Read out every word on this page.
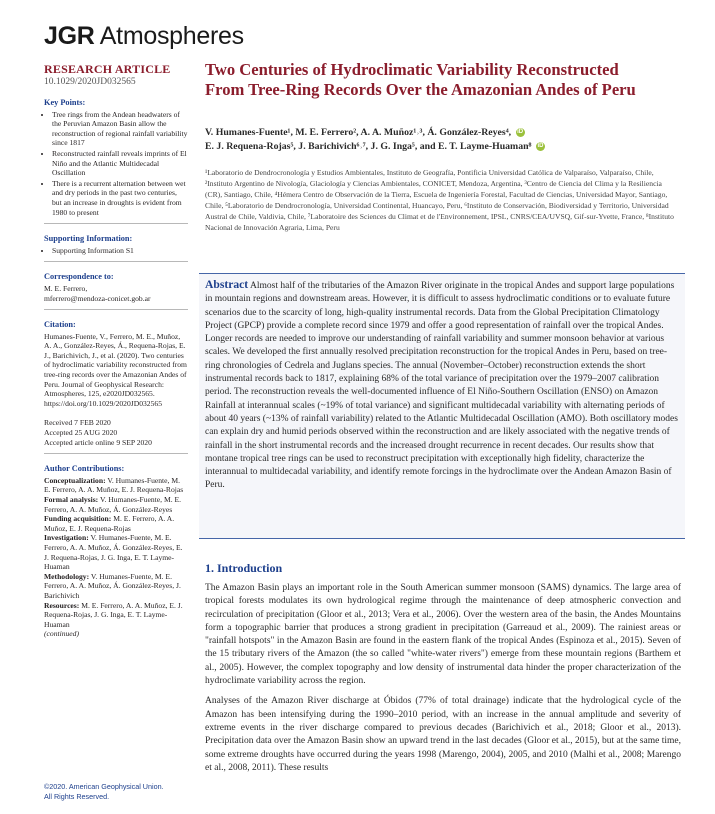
JGR Atmospheres
RESEARCH ARTICLE
10.1029/2020JD032565
Key Points:
• Tree rings from the Andean headwaters of the Peruvian Amazon Basin allow the reconstruction of regional rainfall variability since 1817
• Reconstructed rainfall reveals imprints of El Niño and the Atlantic Multidecadal Oscillation
• There is a recurrent alternation between wet and dry periods in the past two centuries, but an increase in droughts is evident from 1980 to present
Supporting Information:
• Supporting Information S1
Correspondence to:

M. E. Ferrero,

mferrero@mendoza-conicet.gob.ar

Citation:

Humanes-Fuente, V., Ferrero, M. E., Muñoz, A. A., González-Reyes, Á., Requena-Rojas, E. J., Barichivich, J., et al. (2020). Two centuries of hydroclimatic variability reconstructed from tree-ring records over the Amazonian Andes of Peru. Journal of Geophysical Research: Atmospheres, 125, e2020JD032565. https://doi.org/10.1029/2020JD032565

Received 7 FEB 2020

Accepted 25 AUG 2020

Accepted article online 9 SEP 2020

Author Contributions:

Conceptualization: V. Humanes-Fuente, M. E. Ferrero, A. A. Muñoz, E. J. Requena-Rojas

Formal analysis: V. Humanes-Fuente, M. E. Ferrero, A. A. Muñoz, Á. González-Reyes

Funding acquisition: M. E. Ferrero, A. A. Muñoz, E. J. Requena-Rojas

Investigation: V. Humanes-Fuente, M. E. Ferrero, A. A. Muñoz, Á. González-Reyes, E. J. Requena-Rojas, J. G. Inga, E. T. Layme-Huaman

Methodology: V. Humanes-Fuente, M. E. Ferrero, A. A. Muñoz, Á. González-Reyes, J. Barichivich

Resources: M. E. Ferrero, A. A. Muñoz, E. J. Requena-Rojas, J. G. Inga, E. T. Layme-Huaman

(continued)

©2020. American Geophysical Union.
All Rights Reserved.
Two Centuries of Hydroclimatic Variability Reconstructed From Tree-Ring Records Over the Amazonian Andes of Peru
V. Humanes-Fuente¹, M. E. Ferrero², A. A. Muñoz¹˒³, Á. González-Reyes⁴, iD
E. J. Requena-Rojas⁵, J. Barichivich⁶˒⁷, J. G. Inga⁵, and E. T. Layme-Huaman⁸ iD
¹Laboratorio de Dendrocronología y Estudios Ambientales, Instituto de Geografía, Pontificia Universidad Católica de Valparaíso, Valparaíso, Chile, ²Instituto Argentino de Nivología, Glaciología y Ciencias Ambientales, CONICET, Mendoza, Argentina, ³Centro de Ciencia del Clima y la Resiliencia (CR), Santiago, Chile, ⁴Hémera Centro de Observación de la Tierra, Escuela de Ingeniería Forestal, Facultad de Ciencias, Universidad Mayor, Santiago, Chile, ⁵Laboratorio de Dendrocronología, Universidad Continental, Huancayo, Peru, ⁶Instituto de Conservación, Biodiversidad y Territorio, Universidad Austral de Chile, Valdivia, Chile, ⁷Laboratoire des Sciences du Climat et de l'Environnement, IPSL, CNRS/CEA/UVSQ, Gif-sur-Yvette, France, ⁸Instituto Nacional de Innovación Agraria, Lima, Peru
Abstract Almost half of the tributaries of the Amazon River originate in the tropical Andes and support large populations in mountain regions and downstream areas. However, it is difficult to assess hydroclimatic conditions or to evaluate future scenarios due to the scarcity of long, high-quality instrumental records. Data from the Global Precipitation Climatology Project (GPCP) provide a complete record since 1979 and offer a good representation of rainfall over the tropical Andes. Longer records are needed to improve our understanding of rainfall variability and summer monsoon behavior at various scales. We developed the first annually resolved precipitation reconstruction for the tropical Andes in Peru, based on tree-ring chronologies of Cedrela and Juglans species. The annual (November–October) reconstruction extends the short instrumental records back to 1817, explaining 68% of the total variance of precipitation over the 1979–2007 calibration period. The reconstruction reveals the well-documented influence of El Niño-Southern Oscillation (ENSO) on Amazon Rainfall at interannual scales (~19% of total variance) and significant multidecadal variability with alternating periods of about 40 years (~13% of rainfall variability) related to the Atlantic Multidecadal Oscillation (AMO). Both oscillatory modes can explain dry and humid periods observed within the reconstruction and are likely associated with the negative trends of rainfall in the short instrumental records and the increased drought recurrence in recent decades. Our results show that montane tropical tree rings can be used to reconstruct precipitation with exceptionally high fidelity, characterize the interannual to multidecadal variability, and identify remote forcings in the hydroclimate over the Andean Amazon Basin of Peru.
1. Introduction

The Amazon Basin plays an important role in the South American summer monsoon (SAMS) dynamics. The large area of tropical forests modulates its own hydrological regime through the maintenance of deep atmospheric convection and recirculation of precipitation (Gloor et al., 2013; Vera et al., 2006). Over the western area of the basin, the Andes Mountains form a topographic barrier that produces a strong gradient in precipitation (Garreaud et al., 2009). The rainiest areas or "rainfall hotspots" in the Amazon Basin are found in the eastern flank of the tropical Andes (Espinoza et al., 2015). Seven of the 15 tributary rivers of the Amazon (the so called "white-water rivers") emerge from these mountain regions (Barthem et al., 2005). However, the complex topography and low density of instrumental data hinder the proper characterization of the hydroclimate variability across the region.

Analyses of the Amazon River discharge at Óbidos (77% of total drainage) indicate that the hydrological cycle of the Amazon has been intensifying during the 1990–2010 period, with an increase in the annual amplitude and severity of extreme events in the river discharge compared to previous decades (Barichivich et al., 2018; Gloor et al., 2013). Precipitation data over the Amazon Basin show an upward trend in the last decades (Gloor et al., 2015), but at the same time, some extreme droughts have occurred during the years 1998 (Marengo, 2004), 2005, and 2010 (Malhi et al., 2008; Marengo et al., 2008, 2011). These results
